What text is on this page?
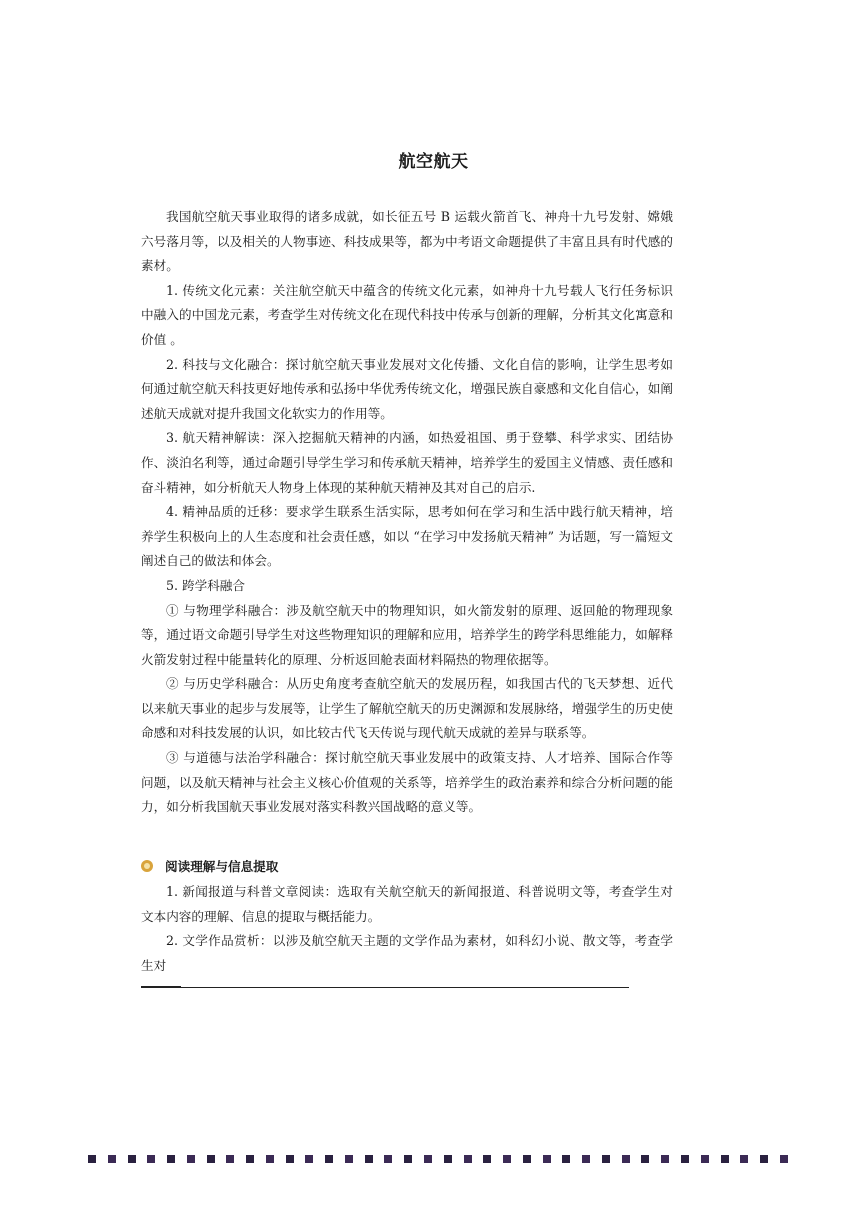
航空航天

我国航空航天事业取得的诸多成就，如长征五号 B 运载火箭首飞、神舟十九号发射、嫦娥六号落月等，以及相关的人物事迹、科技成果等，都为中考语文命题提供了丰富且具有时代感的素材。

1. 传统文化元素：关注航空航天中蕴含的传统文化元素，如神舟十九号载人飞行任务标识中融入的中国龙元素，考查学生对传统文化在现代科技中传承与创新的理解，分析其文化寓意和价值 。

2. 科技与文化融合：探讨航空航天事业发展对文化传播、文化自信的影响，让学生思考如何通过航空航天科技更好地传承和弘扬中华优秀传统文化，增强民族自豪感和文化自信心，如阐述航天成就对提升我国文化软实力的作用等。

3. 航天精神解读：深入挖掘航天精神的内涵，如热爱祖国、勇于登攀、科学求实、团结协作、淡泊名利等，通过命题引导学生学习和传承航天精神，培养学生的爱国主义情感、责任感和奋斗精神，如分析航天人物身上体现的某种航天精神及其对自己的启示.

4. 精神品质的迁移：要求学生联系生活实际，思考如何在学习和生活中践行航天精神，培养学生积极向上的人生态度和社会责任感，如以 “在学习中发扬航天精神” 为话题，写一篇短文阐述自己的做法和体会。

5. 跨学科融合

① 与物理学科融合：涉及航空航天中的物理知识，如火箭发射的原理、返回舱的物理现象等，通过语文命题引导学生对这些物理知识的理解和应用，培养学生的跨学科思维能力，如解释火箭发射过程中能量转化的原理、分析返回舱表面材料隔热的物理依据等。

② 与历史学科融合：从历史角度考查航空航天的发展历程，如我国古代的飞天梦想、近代以来航天事业的起步与发展等，让学生了解航空航天的历史渊源和发展脉络，增强学生的历史使命感和对科技发展的认识，如比较古代飞天传说与现代航天成就的差异与联系等。

③ 与道德与法治学科融合：探讨航空航天事业发展中的政策支持、人才培养、国际合作等问题，以及航天精神与社会主义核心价值观的关系等，培养学生的政治素养和综合分析问题的能力，如分析我国航天事业发展对落实科教兴国战略的意义等。

阅读理解与信息提取

1. 新闻报道与科普文章阅读：选取有关航空航天的新闻报道、科普说明文等，考查学生对文本内容的理解、信息的提取与概括能力。

2. 文学作品赏析：以涉及航空航天主题的文学作品为素材，如科幻小说、散文等，考查学生对
